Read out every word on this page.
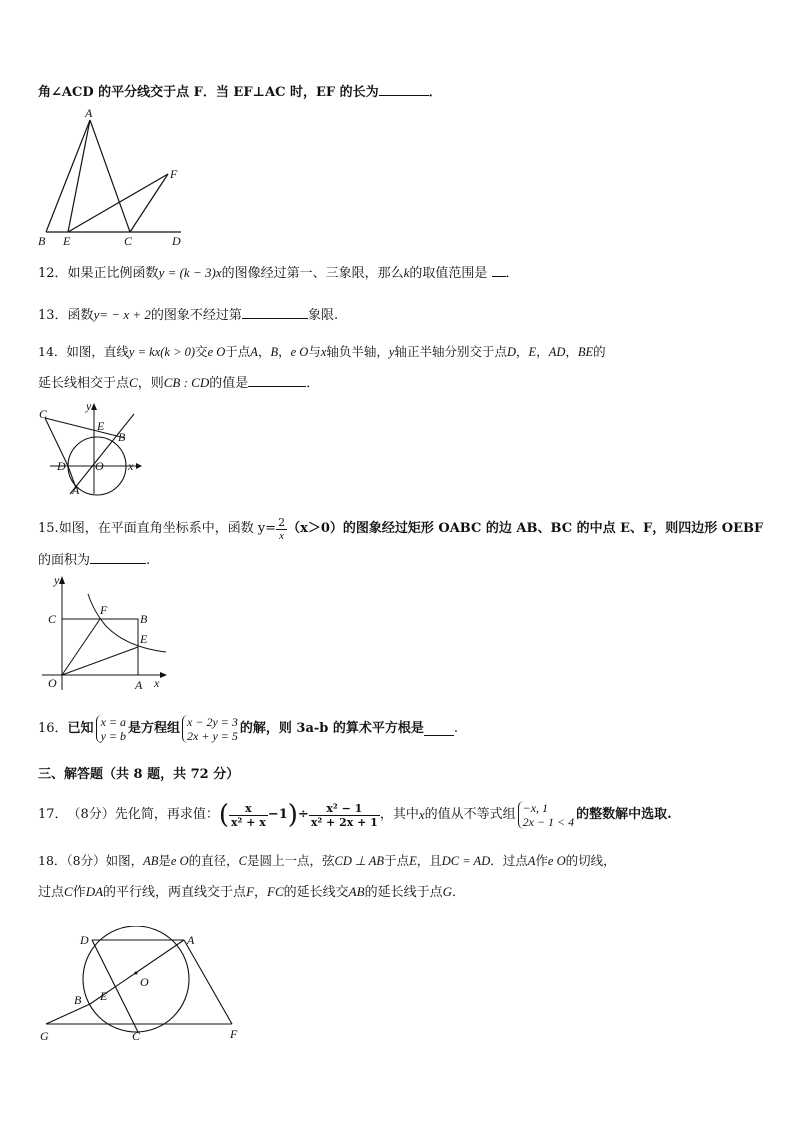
角∠ACD 的平分线交于点 F．当 EF⊥AC 时，EF 的长为	．
A
B E	C	D
F
12．如果正比例函数y = (k − 3)x的图像经过第一、三象限，那么k的取值范围是 ．
13．函数y= − x + 2的图象不经过第	象限.
14．如图，直线y = kx(k > 0)交e O于点A，B，e O与x轴负半轴，y轴正半轴分别交于点D，E，AD，BE的
延长线相交于点C，则CB : CD的值是	．
C
y
E
B
D O x
A
15. 如图，在平面直角坐标系中，函数 $y= \frac{2}{x} (x>0)$的图象经过矩形 OABC 的边 AB、BC 的中点 E、F，则四边形 OEBF
的面积为	.
y
C
F
B
E
O	A x
16． 已知 x = a
y = b 是方程组 x − 2y = 3
2x + y = 5 的解，则 3a-b 的算术平方根是 .
三、解答题（共 8 题，共 72 分）
17． （8分）先化简，再求值： ( $\frac{x}{\text{x² + x}} -1$ ) ÷ $\frac{\text{x² − 1}}{\text{x² + 2x + 1}}$ ，其中 x 的值从不等式组 −x, 1
2x − 1 < 4 的整数解中选取.
18．（8分）如图，AB是e O的直径，C是圆上一点，弦CD ⊥ AB于点E，且DC = AD．过点A作e O的切线，
过点C作DA的平行线，两直线交于点F，FC的延长线交AB的延长线于点G．
D	A
O
B E
G	C	F
